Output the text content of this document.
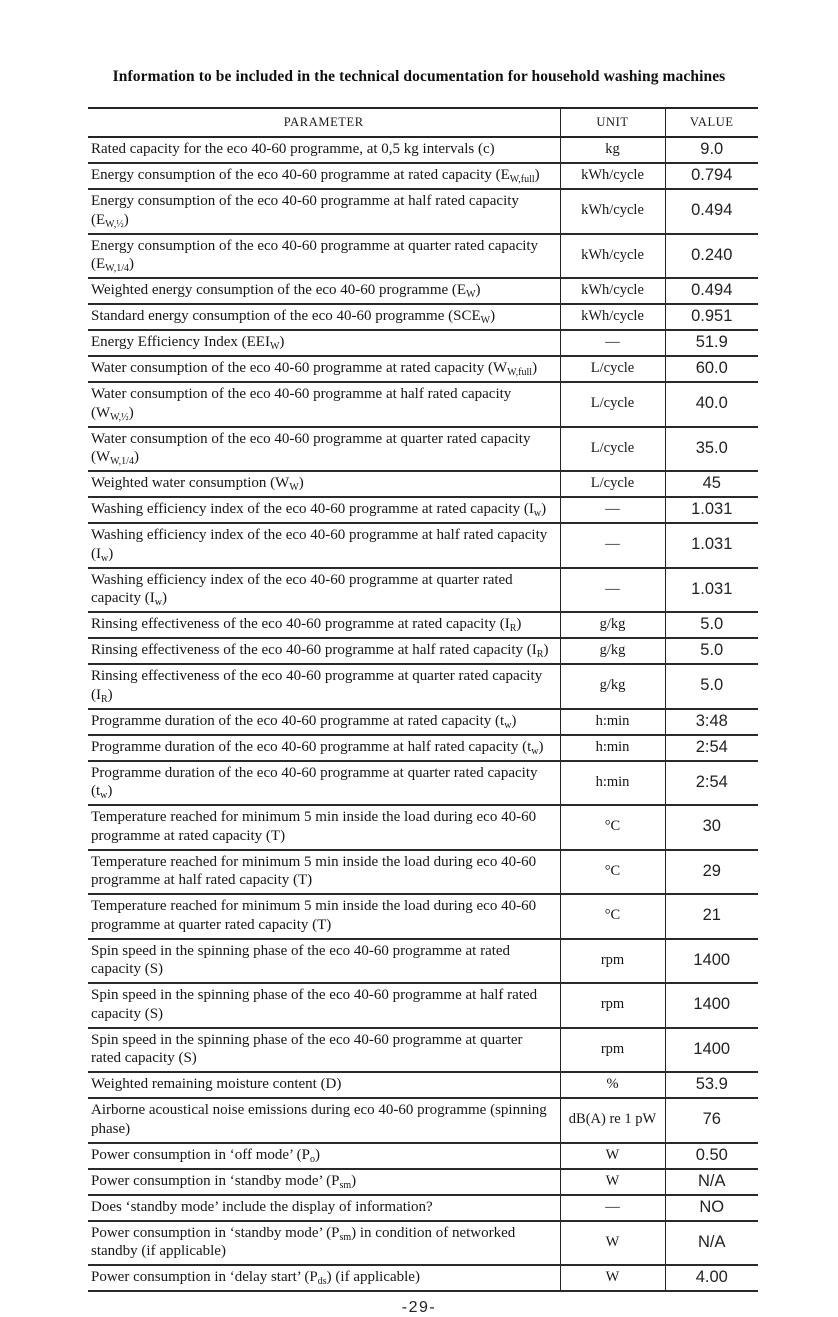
Information to be included in the technical documentation for household washing machines
PARAMETER	UNIT	VALUE
Rated capacity for the eco 40-60 programme, at 0,5 kg intervals (c)	kg	9.0
Energy consumption of the eco 40-60 programme at rated capacity $(E_{W,full})$	kWh/cycle	0.794
Energy consumption of the eco 40-60 programme at half rated capacity $(E_{W,\frac{1}{2}})$	kWh/cycle	0.494
Energy consumption of the eco 40-60 programme at quarter rated capacity $(E_{W,1/4})$	kWh/cycle	0.240
Weighted energy consumption of the eco 40-60 programme $(E_W)$	kWh/cycle	0.494
Standard energy consumption of the eco 40-60 programme $(SCE_W)$	kWh/cycle	0.951
Energy Efficiency Index $(EEI_W)$	—	51.9
Water consumption of the eco 40-60 programme at rated capacity $(W_{W,full})$	L/cycle	60.0
Water consumption of the eco 40-60 programme at half rated capacity $(W_{W,\frac{1}{2}})$	L/cycle	40.0
Water consumption of the eco 40-60 programme at quarter rated capacity $(W_{W,1/4})$	L/cycle	35.0
Weighted water consumption $(W_W)$	L/cycle	45
Washing efficiency index of the eco 40-60 programme at rated capacity $(I_w)$	—	1.031
Washing efficiency index of the eco 40-60 programme at half rated capacity $(I_w)$	—	1.031
Washing efficiency index of the eco 40-60 programme at quarter rated capacity $(I_w)$	—	1.031
Rinsing effectiveness of the eco 40-60 programme at rated capacity $(I_R)$	g/kg	5.0
Rinsing effectiveness of the eco 40-60 programme at half rated capacity $(I_R)$	g/kg	5.0
Rinsing effectiveness of the eco 40-60 programme at quarter rated capacity $(I_R)$	g/kg	5.0
Programme duration of the eco 40-60 programme at rated capacity $(t_w)$	h:min	3:48
Programme duration of the eco 40-60 programme at half rated capacity $(t_w)$	h:min	2:54
Programme duration of the eco 40-60 programme at quarter rated capacity $(t_w)$	h:min	2:54
Temperature reached for minimum 5 min inside the load during eco 40-60 programme at rated capacity (T)	°C	30
Temperature reached for minimum 5 min inside the load during eco 40-60 programme at half rated capacity (T)	°C	29
Temperature reached for minimum 5 min inside the load during eco 40-60 programme at quarter rated capacity (T)	°C	21
Spin speed in the spinning phase of the eco 40-60 programme at rated capacity (S)	rpm	1400
Spin speed in the spinning phase of the eco 40-60 programme at half rated capacity (S)	rpm	1400
Spin speed in the spinning phase of the eco 40-60 programme at quarter rated capacity (S)	rpm	1400
Weighted remaining moisture content (D)	%	53.9
Airborne acoustical noise emissions during eco 40-60 programme (spinning phase)	dB(A) re 1 pW	76
Power consumption in ‘off mode’ $(P_o)$	W	0.50
Power consumption in ‘standby mode’ $(P_{sm})$	W	N/A
Does ‘standby mode’ include the display of information?	—	NO
Power consumption in ‘standby mode’ $(P_{sm})$ in condition of networked standby (if applicable)	W	N/A
Power consumption in ‘delay start’ $(P_{ds})$ (if applicable)	W	4.00
-29-
